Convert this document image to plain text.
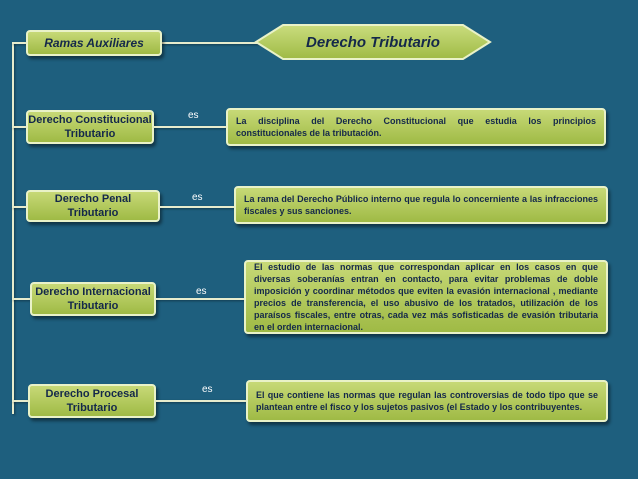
Ramas Auxiliares	Derecho Tributario
Derecho Constitucional Tributario
es	La disciplina del Derecho Constitucional que estudia los principios constitucionales de la tributación.
Derecho Penal Tributario
es	La rama del Derecho Público interno que regula lo concerniente a las infracciones fiscales y sus sanciones.
Derecho Internacional Tributario
es
El estudio de las normas que correspondan aplicar en los casos en que diversas soberanías entran en contacto, para evitar problemas de doble imposición y coordinar métodos que eviten la evasión internacional , mediante precios de transferencia, el uso abusivo de los tratados, utilización de los paraísos fiscales, entre otras, cada vez más sofisticadas de evasión tributaria en el orden internacional.
Derecho Procesal Tributario
es	El que contiene las normas que regulan las controversias de todo tipo que se plantean entre el fisco y los sujetos pasivos (el Estado y los contribuyentes.
